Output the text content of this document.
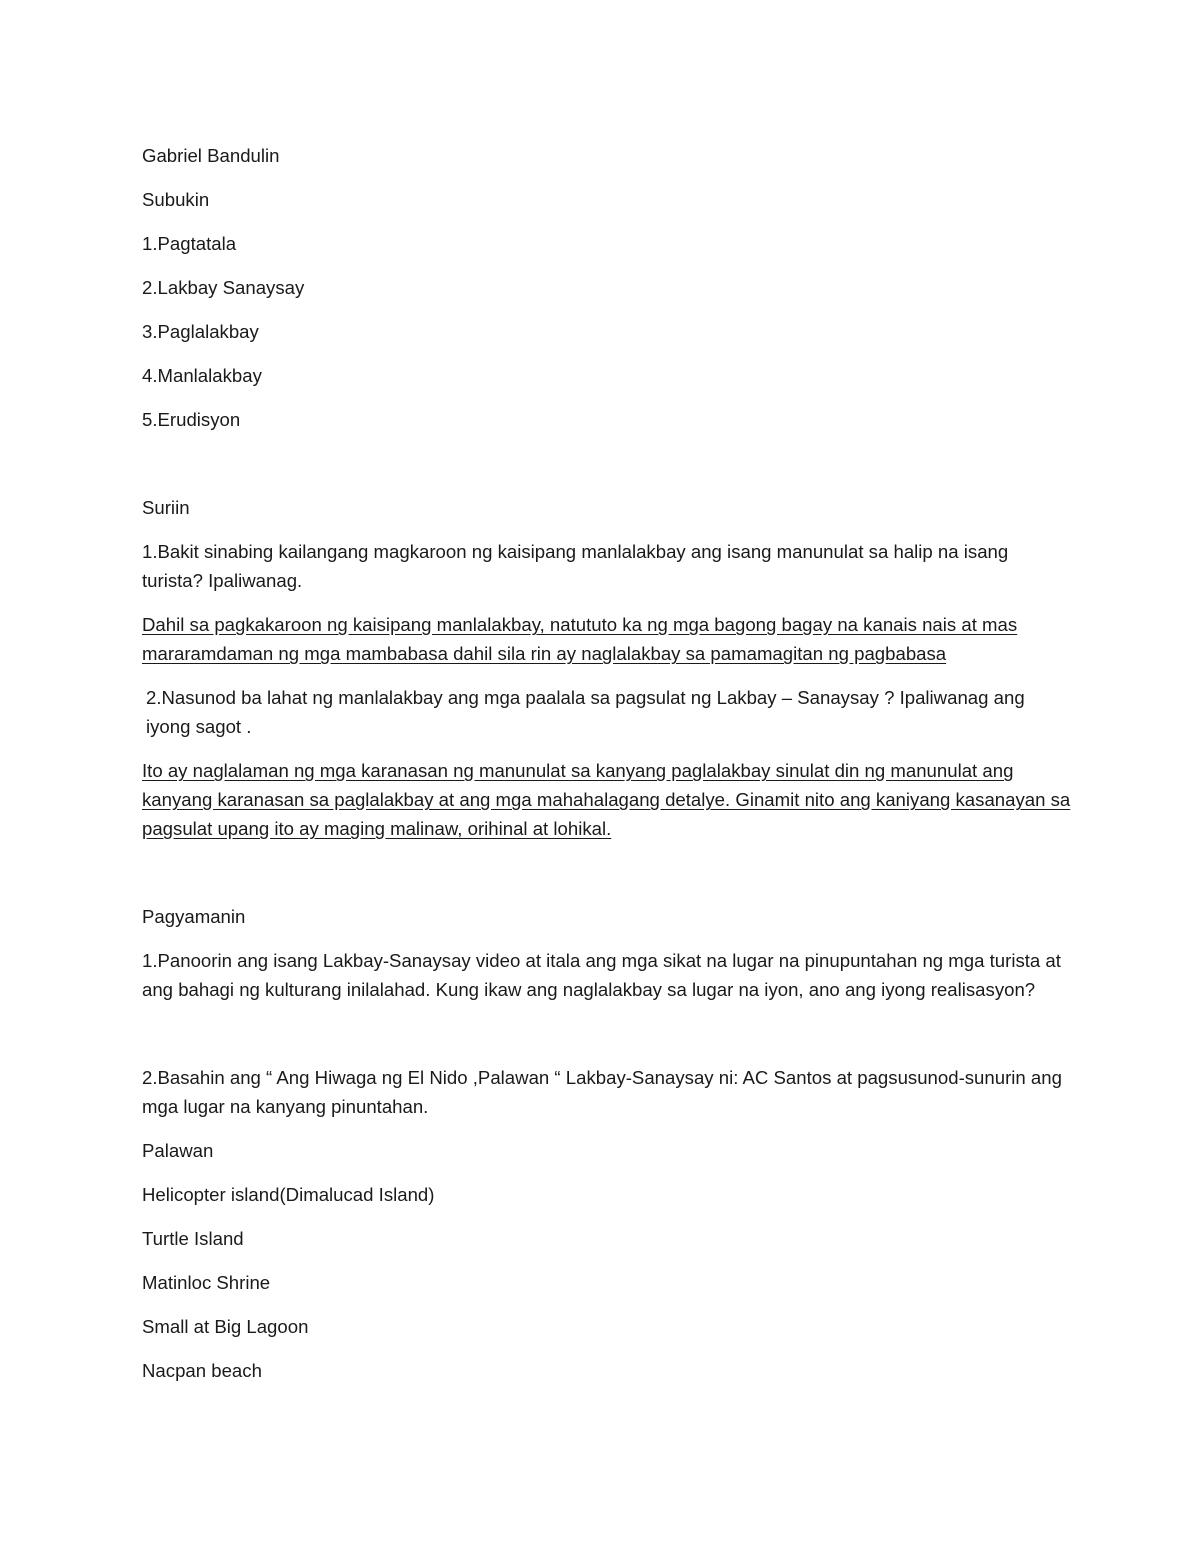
Gabriel Bandulin

Subukin

1.Pagtatala

2.Lakbay Sanaysay

3.Paglalakbay

4.Manlalakbay

5.Erudisyon

Suriin

1.Bakit sinabing kailangang magkaroon ng kaisipang manlalakbay ang isang manunulat sa halip na isang turista? Ipaliwanag.

Dahil sa pagkakaroon ng kaisipang manlalakbay, natututo ka ng mga bagong bagay na kanais nais at mas mararamdaman ng mga mambabasa dahil sila rin ay naglalakbay sa pamamagitan ng pagbabasa

2.Nasunod ba lahat ng manlalakbay ang mga paalala sa pagsulat ng Lakbay – Sanaysay ? Ipaliwanag ang iyong sagot .

Ito ay naglalaman ng mga karanasan ng manunulat sa kanyang paglalakbay sinulat din ng manunulat ang kanyang karanasan sa paglalakbay at ang mga mahahalagang detalye. Ginamit nito ang kaniyang kasanayan sa pagsulat upang ito ay maging malinaw, orihinal at lohikal.

Pagyamanin

1.Panoorin ang isang Lakbay-Sanaysay video at itala ang mga sikat na lugar na pinupuntahan ng mga turista at ang bahagi ng kulturang inilalahad. Kung ikaw ang naglalakbay sa lugar na iyon, ano ang iyong realisasyon?

2.Basahin ang “ Ang Hiwaga ng El Nido ,Palawan “ Lakbay-Sanaysay ni: AC Santos at pagsusunod-sunurin ang mga lugar na kanyang pinuntahan.

Palawan

Helicopter island(Dimalucad Island)

Turtle Island

Matinloc Shrine

Small at Big Lagoon

Nacpan beach
